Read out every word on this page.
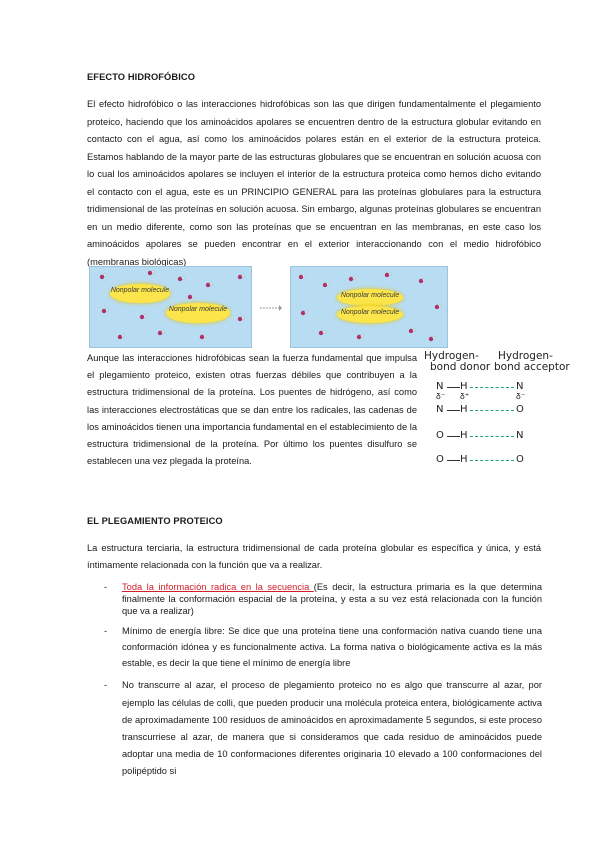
EFECTO HIDROFÓBICO
El efecto hidrofóbico o las interacciones hidrofóbicas son las que dirigen fundamentalmente el plegamiento proteico, haciendo que los aminoácidos apolares se encuentren dentro de la estructura globular evitando en contacto con el agua, así como los aminoácidos polares están en el exterior de la estructura proteica. Estamos hablando de la mayor parte de las estructuras globulares que se encuentran en solución acuosa con lo cual los aminoácidos apolares se incluyen el interior de la estructura proteica como hemos dicho evitando el contacto con el agua, este es un PRINCIPIO GENERAL para las proteínas globulares para la estructura tridimensional de las proteínas en solución acuosa. Sin embargo, algunas proteínas globulares se encuentran en un medio diferente, como son las proteínas que se encuentran en las membranas, en este caso los aminoácidos apolares se pueden encontrar en el exterior interaccionando con el medio hidrofóbico (membranas biológicas)
Nonpolar molecule
Nonpolar molecule
Nonpolar molecule
Nonpolar molecule
Aunque las interacciones hidrofóbicas sean la fuerza fundamental que impulsa el plegamiento proteico, existen otras fuerzas débiles que contribuyen a la estructura tridimensional de la proteína. Los puentes de hidrógeno, así como las interacciones electrostáticas que se dan entre los radicales, las cadenas de los aminoácidos tienen una importancia fundamental en el establecimiento de la estructura tridimensional de la proteína. Por último los puentes disulfuro se establecen una vez plegada la proteína.
Hydrogen-
bond donor
Hydrogen-
bond acceptor
N H	N
δ⁻ δ⁺	δ⁻
N H	O
O H	N
O H	O
EL PLEGAMIENTO PROTEICO
La estructura terciaria, la estructura tridimensional de cada proteína globular es específica y única, y está íntimamente relacionada con la función que va a realizar.
- Toda la información radica en la secuencia (Es decir, la estructura primaria es la que determina finalmente la conformación espacial de la proteína, y esta a su vez está relacionada con la función que va a realizar)
- Mínimo de energía libre: Se dice que una proteína tiene una conformación nativa cuando tiene una conformación idónea y es funcionalmente activa. La forma nativa o biológicamente activa es la más estable, es decir la que tiene el mínimo de energía libre
- No transcurre al azar, el proceso de plegamiento proteico no es algo que transcurre al azar, por ejemplo las células de colli, que pueden producir una molécula proteica entera, biológicamente activa de aproximadamente 100 residuos de aminoácidos en aproximadamente 5 segundos, si este proceso transcurriese al azar, de manera que si consideramos que cada residuo de aminoácidos puede adoptar una media de 10 conformaciones diferentes originaria 10 elevado a 100 conformaciones del polipéptido si
